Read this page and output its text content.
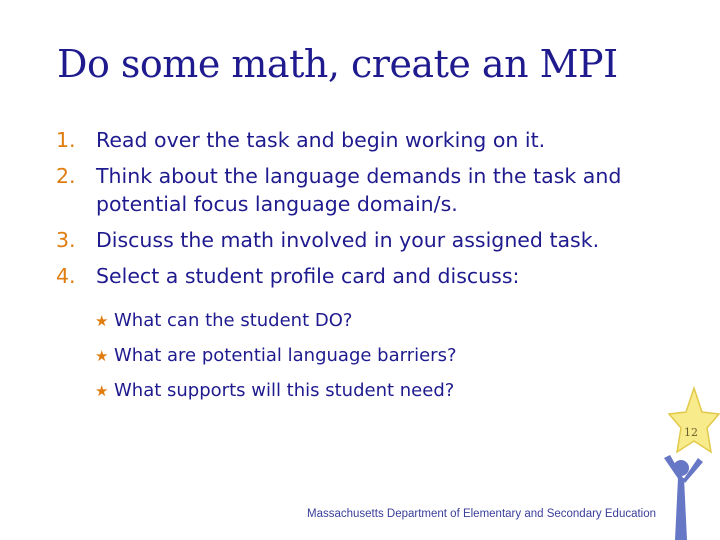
Do some math, create an MPI
1. Read over the task and begin working on it.
2. Think about the language demands in the task and potential focus language domain/s.
3. Discuss the math involved in your assigned task.
4. Select a student profile card and discuss:
★ What can the student DO?
★ What are potential language barriers?
★ What supports will this student need?
Massachusetts Department of Elementary and Secondary Education
12
